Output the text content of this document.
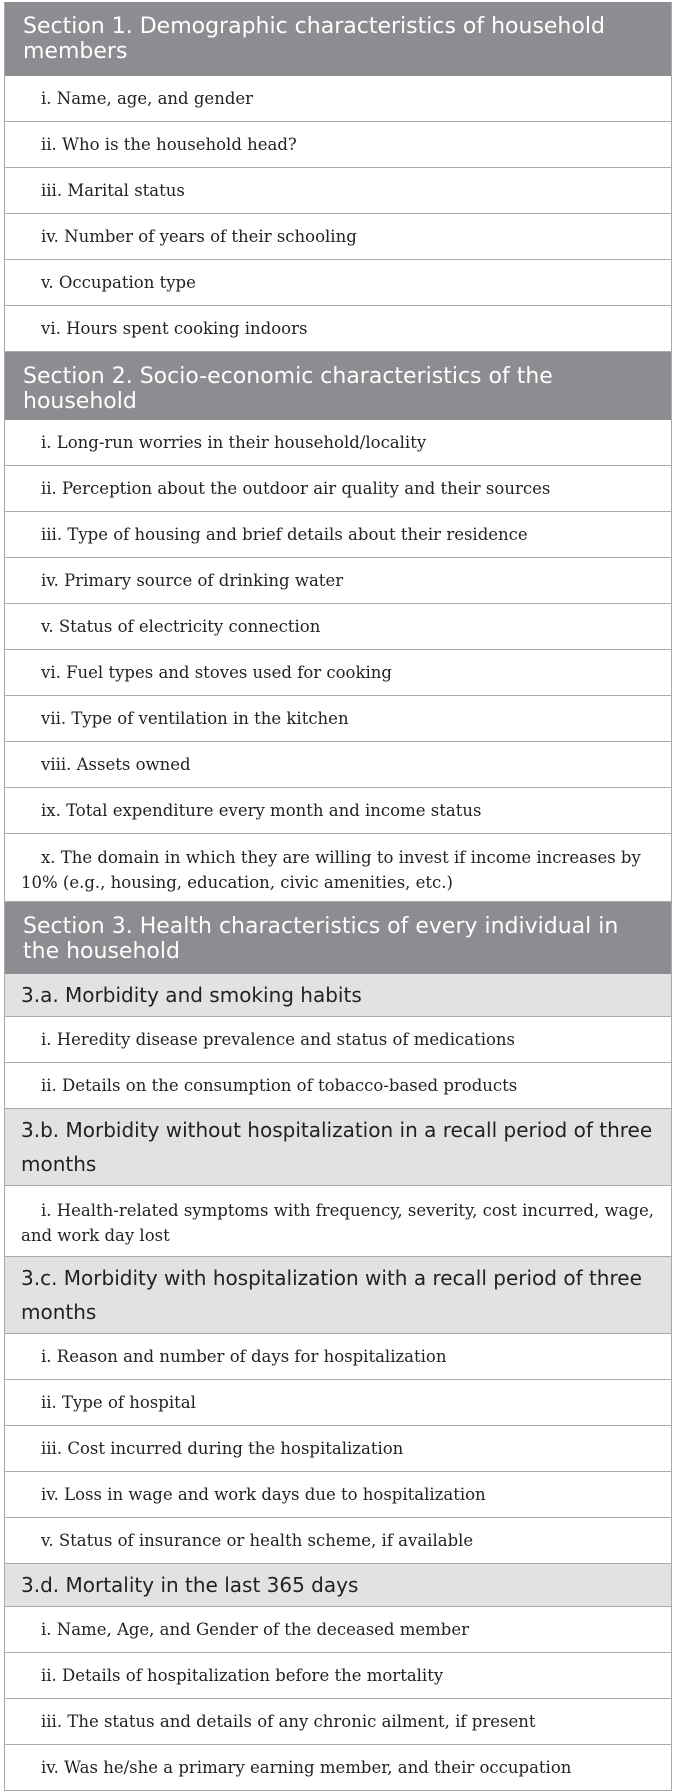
Section 1. Demographic characteristics of household members
i. Name, age, and gender
ii. Who is the household head?
iii. Marital status
iv. Number of years of their schooling
v. Occupation type
vi. Hours spent cooking indoors
Section 2. Socio-economic characteristics of the household
i. Long-run worries in their household/locality
ii. Perception about the outdoor air quality and their sources
iii. Type of housing and brief details about their residence
iv. Primary source of drinking water
v. Status of electricity connection
vi. Fuel types and stoves used for cooking
vii. Type of ventilation in the kitchen
viii. Assets owned
ix. Total expenditure every month and income status
x. The domain in which they are willing to invest if income increases by 10% (e.g., housing, education, civic amenities, etc.)
Section 3. Health characteristics of every individual in the household
3.a. Morbidity and smoking habits
i. Heredity disease prevalence and status of medications
ii. Details on the consumption of tobacco-based products
3.b. Morbidity without hospitalization in a recall period of three months
i. Health-related symptoms with frequency, severity, cost incurred, wage, and work day lost
3.c. Morbidity with hospitalization with a recall period of three months
i. Reason and number of days for hospitalization
ii. Type of hospital
iii. Cost incurred during the hospitalization
iv. Loss in wage and work days due to hospitalization
v. Status of insurance or health scheme, if available
3.d. Mortality in the last 365 days
i. Name, Age, and Gender of the deceased member
ii. Details of hospitalization before the mortality
iii. The status and details of any chronic ailment, if present
iv. Was he/she a primary earning member, and their occupation
